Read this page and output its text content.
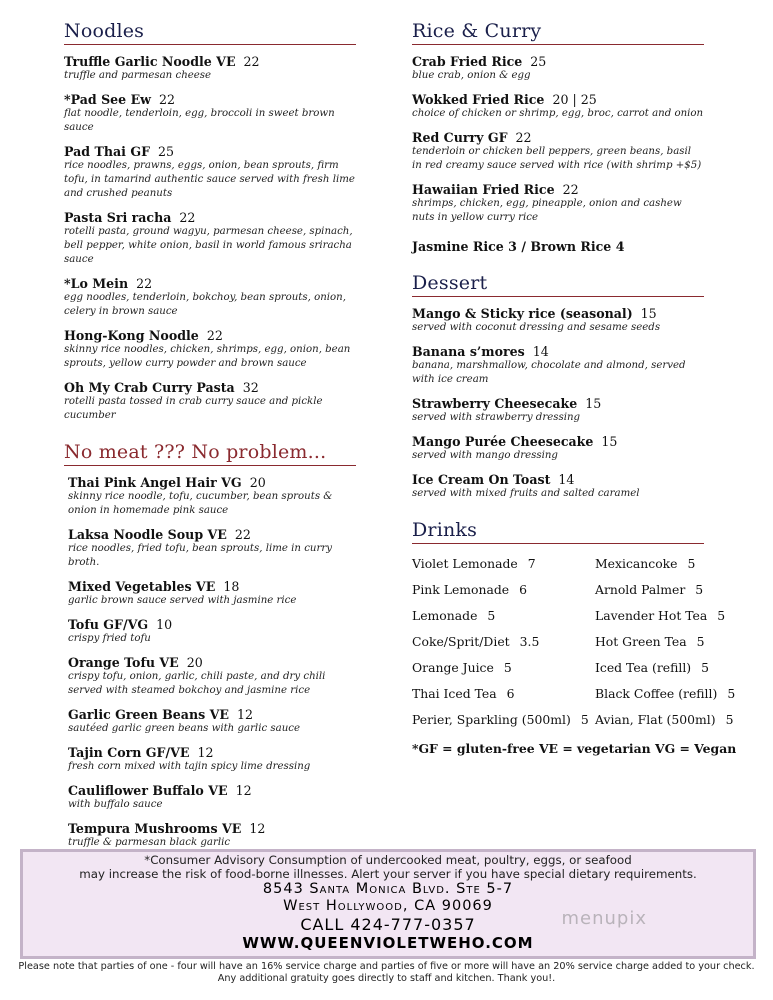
Noodles
Truffle Garlic Noodle VE 22
truffle and parmesan cheese
*Pad See Ew 22
flat noodle, tenderloin, egg, broccoli in sweet brown sauce
Pad Thai GF 25
rice noodles, prawns, eggs, onion, bean sprouts, firm tofu, in tamarind authentic sauce served with fresh lime and crushed peanuts
Pasta Sri racha 22
rotelli pasta, ground wagyu, parmesan cheese, spinach, bell pepper, white onion, basil in world famous sriracha sauce
*Lo Mein 22
egg noodles, tenderloin, bokchoy, bean sprouts, onion, celery in brown sauce
Hong-Kong Noodle 22
skinny rice noodles, chicken, shrimps, egg, onion, bean sprouts, yellow curry powder and brown sauce
Oh My Crab Curry Pasta 32
rotelli pasta tossed in crab curry sauce and pickle cucumber
No meat ??? No problem...
Thai Pink Angel Hair VG 20
skinny rice noodle, tofu, cucumber, bean sprouts & onion in homemade pink sauce
Laksa Noodle Soup VE 22
rice noodles, fried tofu, bean sprouts, lime in curry broth.
Mixed Vegetables VE 18
garlic brown sauce served with jasmine rice
Tofu GF/VG 10
crispy fried tofu
Orange Tofu VE 20
crispy tofu, onion, garlic, chili paste, and dry chili served with steamed bokchoy and jasmine rice
Garlic Green Beans VE 12
sautéed garlic green beans with garlic sauce
Tajin Corn GF/VE 12
fresh corn mixed with tajin spicy lime dressing
Cauliflower Buffalo VE 12
with buffalo sauce
Tempura Mushrooms VE 12
truffle & parmesan black garlic
Rice & Curry
Crab Fried Rice 25
blue crab, onion & egg
Wokked Fried Rice 20 | 25
choice of chicken or shrimp, egg, broc, carrot and onion
Red Curry GF 22
tenderloin or chicken bell peppers, green beans, basil in red creamy sauce served with rice (with shrimp +$5)
Hawaiian Fried Rice 22
shrimps, chicken, egg, pineapple, onion and cashew nuts in yellow curry rice
Jasmine Rice 3 / Brown Rice 4
Dessert
Mango & Sticky rice (seasonal) 15
served with coconut dressing and sesame seeds
Banana s’mores 14
banana, marshmallow, chocolate and almond, served with ice cream
Strawberry Cheesecake 15
served with strawberry dressing
Mango Purée Cheesecake 15
served with mango dressing
Ice Cream On Toast 14
served with mixed fruits and salted caramel
Drinks
Violet Lemonade 7	Mexicancoke 5
Pink Lemonade 6	Arnold Palmer 5
Lemonade 5	Lavender Hot Tea 5
Coke/Sprit/Diet 3.5	Hot Green Tea 5
Orange Juice 5	Iced Tea (refill) 5
Thai Iced Tea 6	Black Coffee (refill) 5
Perier, Sparkling (500ml) 5 Avian, Flat (500ml) 5
*GF = gluten-free VE = vegetarian VG = Vegan
*Consumer Advisory Consumption of undercooked meat, poultry, eggs, or seafood
may increase the risk of food-borne illnesses. Alert your server if you have special dietary requirements.
8543 Santa Monica Blvd. Ste 5-7
West Hollywood, CA 90069
CALL 424-777-0357
WWW.QUEENVIOLETWEHO.COM
menupix
Please note that parties of one - four will have an 16% service charge and parties of five or more will have an 20% service charge added to your check.
Any additional gratuity goes directly to staff and kitchen. Thank you!.
